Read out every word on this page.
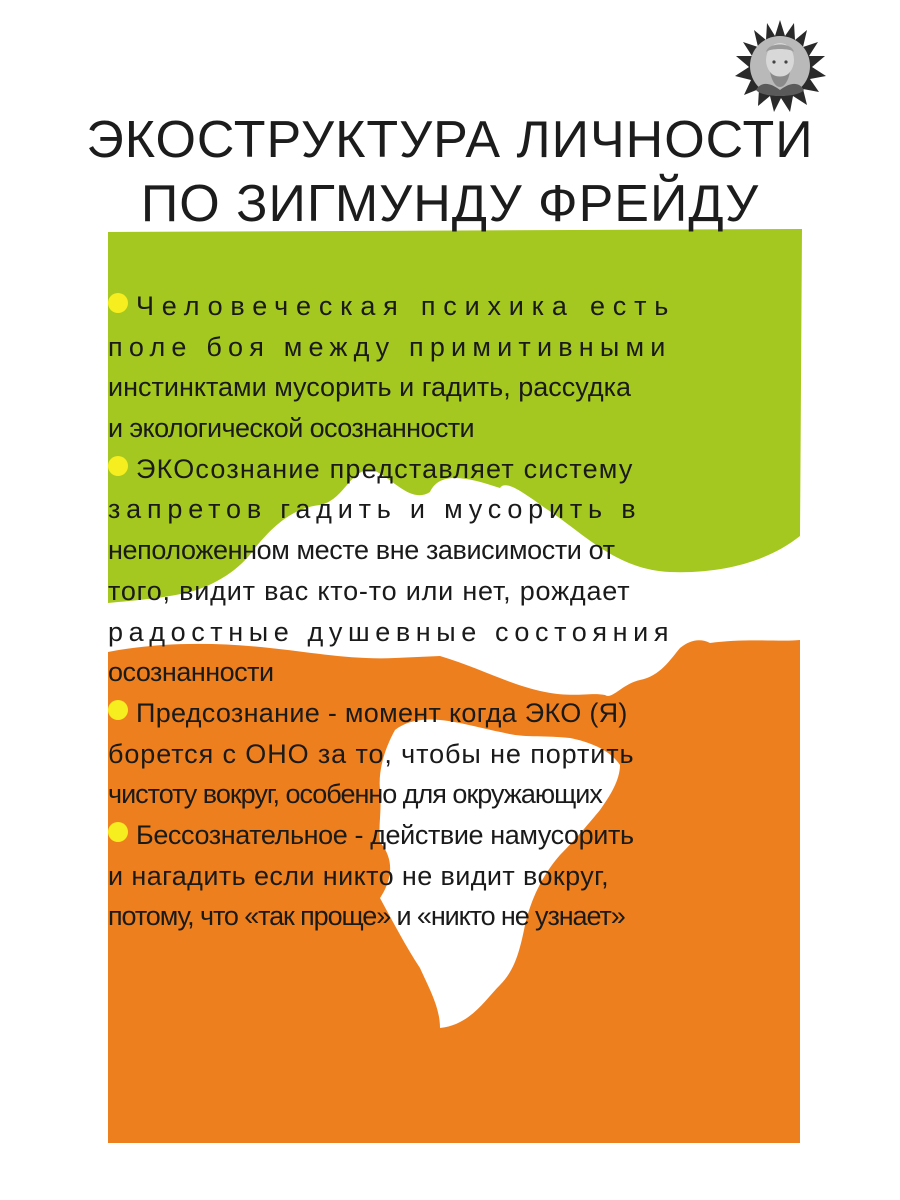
ЭКОСТРУКТУРА ЛИЧНОСТИ
ПО ЗИГМУНДУ ФРЕЙДУ
Человеческая психика есть
поле боя между примитивными
инстинктами мусорить и гадить, рассудка
и экологической осознанности
ЭКОсознание представляет систему
запретов гадить и мусорить в
неположенном месте вне зависимости от
того, видит вас кто-то или нет, рождает
радостные душевные состояния
осознанности
Предсознание - момент когда ЭКО (Я)
борется с ОНО за то, чтобы не портить
чистоту вокруг, особенно для окружающих
Бессознательное - действие намусорить
и нагадить если никто не видит вокруг,
потому, что «так проще» и «никто не узнает»
